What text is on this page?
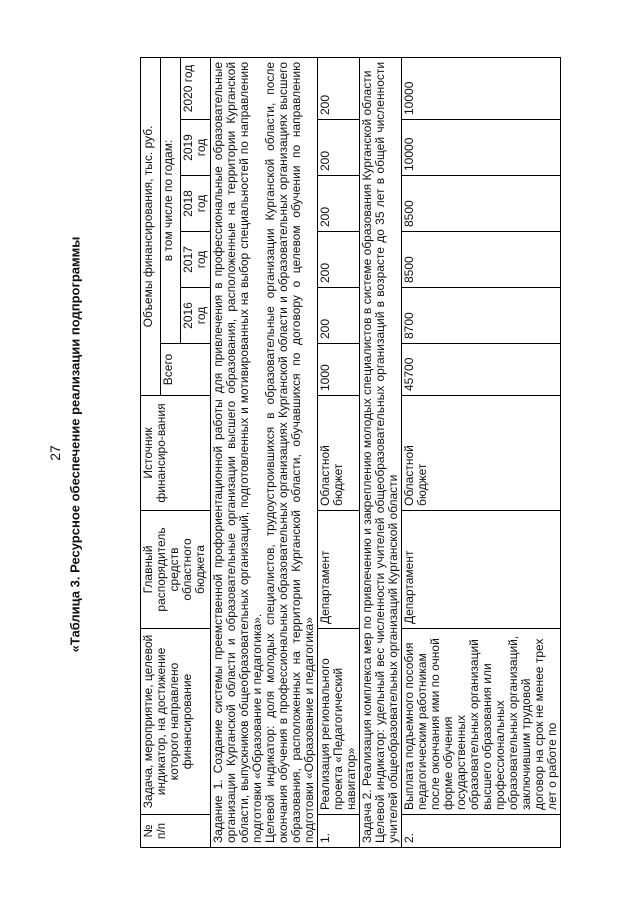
27 «Таблица 3. Ресурсное обеспечение реализации подпрограммы
№ п/п	Задача, мероприятие, целевой индикатор, на достижение которого направлено финансирование	Главный распорядитель средств областного бюджета	Источник финансиро-вания	Объемы финансирования, тыс. руб.					
				Всего	в том числе по годам:				
					2016 год	2017 год	2018 год	2019 год	2020 год

Задание 1. Создание системы преемственной профориентационной работы для привлечения в профессиональные образовательные организации Курганской области и образовательные организации высшего образования, расположенные на территории Курганской области, выпускников общеобразовательных организаций, подготовленных и мотивированных на выбор специальностей по направлению подготовки «Образование и педагогика». Целевой индикатор: доля молодых специалистов, трудоустроившихся в образовательные организации Курганской области, после окончания обучения в профессиональных образовательных организациях Курганской области и образовательных организациях высшего образования, расположенных на территории Курганской области, обучавшихся по договору о целевом обучении по направлению подготовки «Образование и педагогика»									

1.	Реализация регионального проекта «Педагогический навигатор»	Департамент	Областной бюджет	1000	200	200	200	200	200

Задача 2. Реализация комплекса мер по привлечению и закреплению молодых специалистов в системе образования Курганской области Целевой индикатор: удельный вес численности учителей общеобразовательных организаций в возрасте до 35 лет в общей численности учителей общеобразовательных организаций Курганской области									

2.	Выплата подъемного пособия педагогическим работникам после окончания ими по очной форме обучения государственных образовательных организаций высшего образования или профессиональных образовательных организаций, заключившим трудовой договор на срок не менее трех лет о работе по	Департамент	Областной бюджет	45700	8700	8500	8500	10000	10000
